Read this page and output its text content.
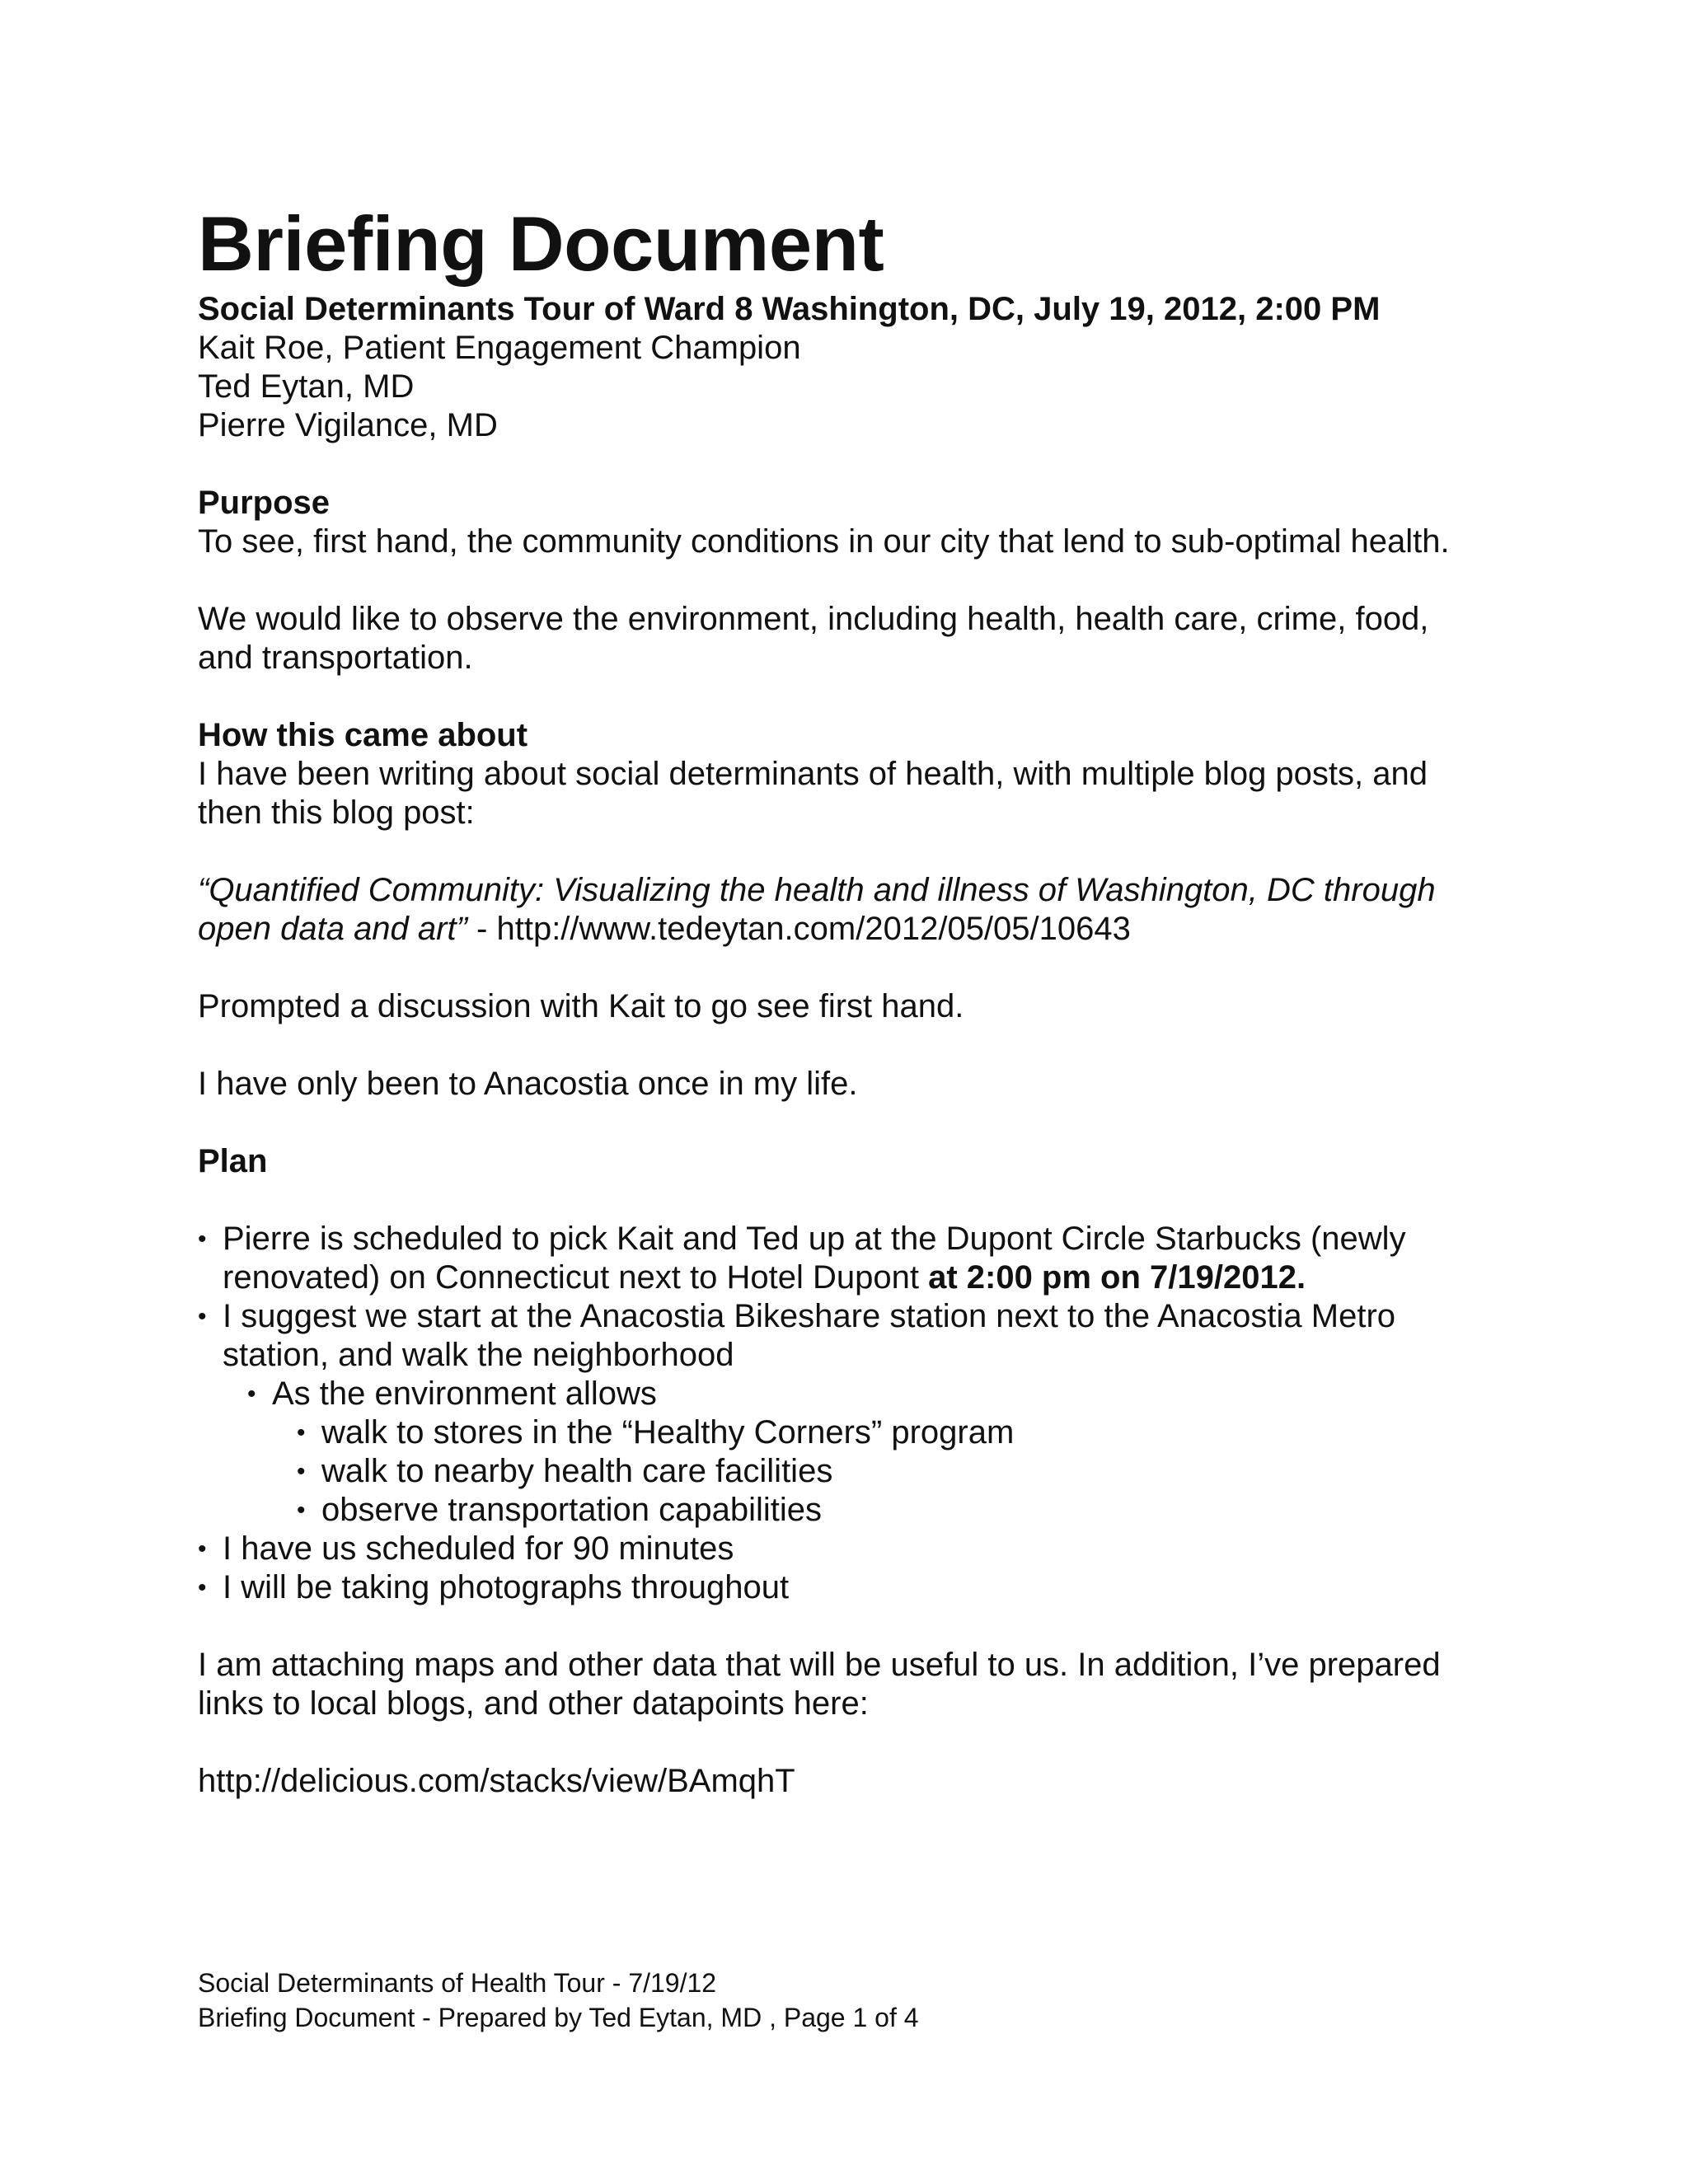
Briefing Document

Social Determinants Tour of Ward 8 Washington, DC, July 19, 2012, 2:00 PM

Kait Roe, Patient Engagement Champion

Ted Eytan, MD

Pierre Vigilance, MD

Purpose

To see, first hand, the community conditions in our city that lend to sub-optimal health.

We would like to observe the environment, including health, health care, crime, food, and transportation.

How this came about

I have been writing about social determinants of health, with multiple blog posts, and then this blog post:

“Quantified Community: Visualizing the health and illness of Washington, DC through open data and art” - http://www.tedeytan.com/2012/05/05/10643

Prompted a discussion with Kait to go see first hand.

I have only been to Anacostia once in my life.

Plan

• Pierre is scheduled to pick Kait and Ted up at the Dupont Circle Starbucks (newly renovated) on Connecticut next to Hotel Dupont at 2:00 pm on 7/19/2012.
• I suggest we start at the Anacostia Bikeshare station next to the Anacostia Metro station, and walk the neighborhood
• As the environment allows
• walk to stores in the “Healthy Corners” program
• walk to nearby health care facilities
• observe transportation capabilities
• I have us scheduled for 90 minutes
• I will be taking photographs throughout

I am attaching maps and other data that will be useful to us. In addition, I’ve prepared links to local blogs, and other datapoints here:

http://delicious.com/stacks/view/BAmqhT

Social Determinants of Health Tour - 7/19/12

Briefing Document - Prepared by Ted Eytan, MD , Page 1 of 4
